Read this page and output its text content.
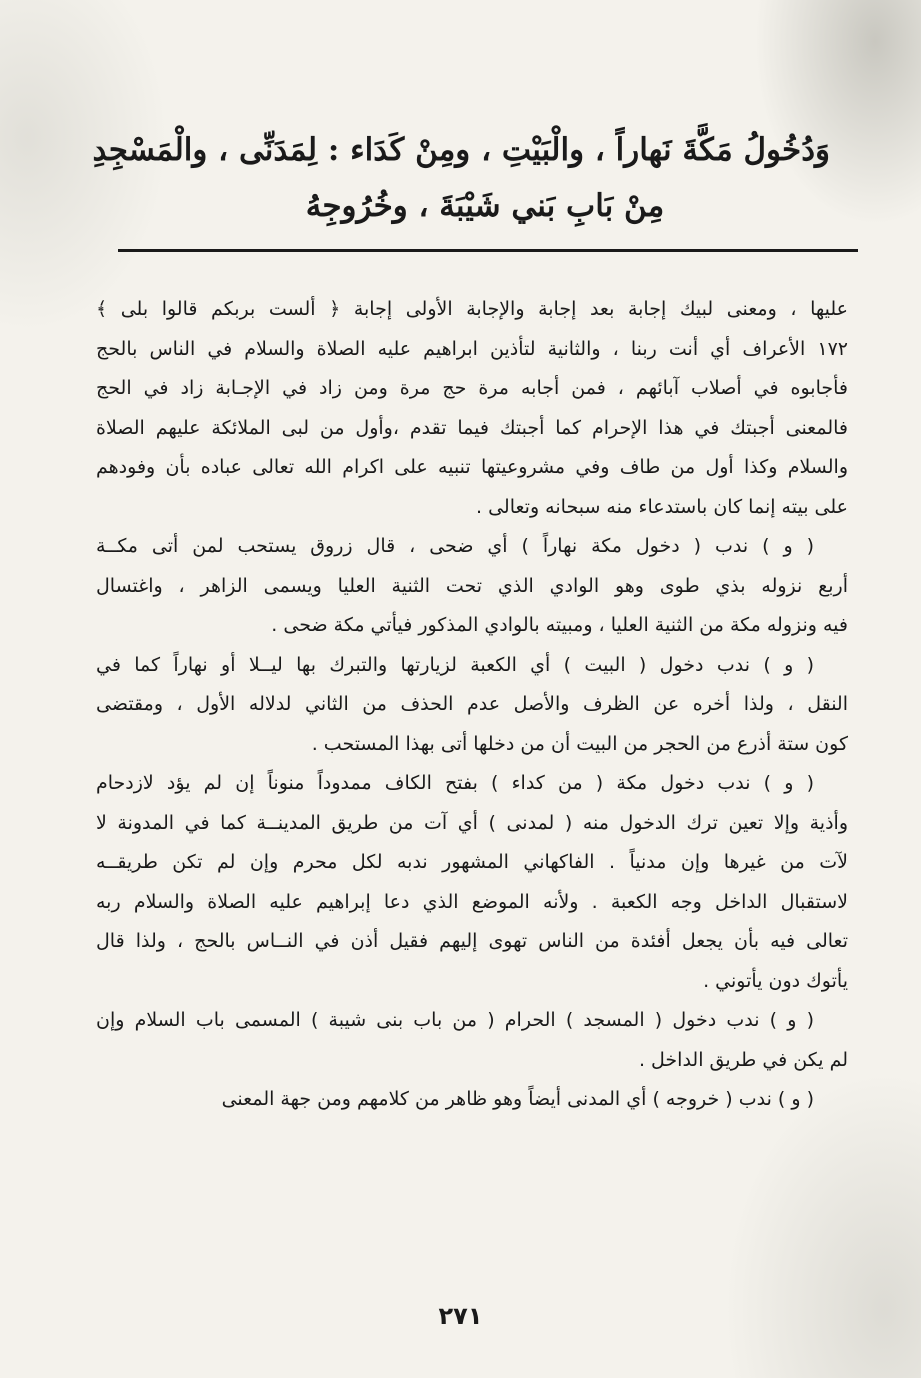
وَدُخُولُ مَكَّةَ نَهاراً ، والْبَيْتِ ، ومِنْ كَدَاء : لِمَدَنِّى ، والْمَسْجِدِ
مِنْ بَابِ بَني شَيْبَةَ ، وخُرُوجِهُ
عليها ، ومعنى لبيك إجابة بعد إجابة والإجابة الأولى إجابة ﴿ ألست بربكم قالوا بلى ﴾
١٧٢ الأعراف أي أنت ربنا ، والثانية لتأذين ابراهيم عليه الصلاة والسلام في الناس بالحج
فأجابوه في أصلاب آبائهم ، فمن أجابه مرة حج مرة ومن زاد في الإجـابة زاد في الحج
فالمعنى أجبتك في هذا الإحرام كما أجبتك فيما تقدم ،وأول من لبى الملائكة عليهم الصلاة
والسلام وكذا أول من طاف وفي مشروعيتها تنبيه على اكرام الله تعالى عباده بأن وفودهم
على بيته إنما كان باستدعاء منه سبحانه وتعالى .
( و ) ندب ( دخول مكة نهاراً ) أي ضحى ، قال زروق يستحب لمن أتى مكــة
أربع نزوله بذي طوى وهو الوادي الذي تحت الثنية العليا ويسمى الزاهر ، واغتسال
فيه ونزوله مكة من الثنية العليا ، ومبيته بالوادي المذكور فيأتي مكة ضحى .
( و ) ندب دخول ( البيت ) أي الكعبة لزيارتها والتبرك بها ليــلا أو نهاراً كما في
النقل ، ولذا أخره عن الظرف والأصل عدم الحذف من الثاني لدلاله الأول ، ومقتضى
كون ستة أذرع من الحجر من البيت أن من دخلها أتى بهذا المستحب .
( و ) ندب دخول مكة ( من كداء ) بفتح الكاف ممدوداً منوناً إن لم يؤد لازدحام
وأذية وإلا تعين ترك الدخول منه ( لمدنى ) أي آت من طريق المدينــة كما في المدونة لا
لآت من غيرها وإن مدنياً . الفاكهاني المشهور ندبه لكل محرم وإن لم تكن طريقــه
لاستقبال الداخل وجه الكعبة . ولأنه الموضع الذي دعا إبراهيم عليه الصلاة والسلام ربه
تعالى فيه بأن يجعل أفئدة من الناس تهوى إليهم فقيل أذن في النــاس بالحج ، ولذا قال
يأتوك دون يأتوني .
( و ) ندب دخول ( المسجد ) الحرام ( من باب بنى شيبة ) المسمى باب السلام وإن
لم يكن في طريق الداخل .
( و ) ندب ( خروجه ) أي المدنى أيضاً وهو ظاهر من كلامهم ومن جهة المعنى
٢٧١
